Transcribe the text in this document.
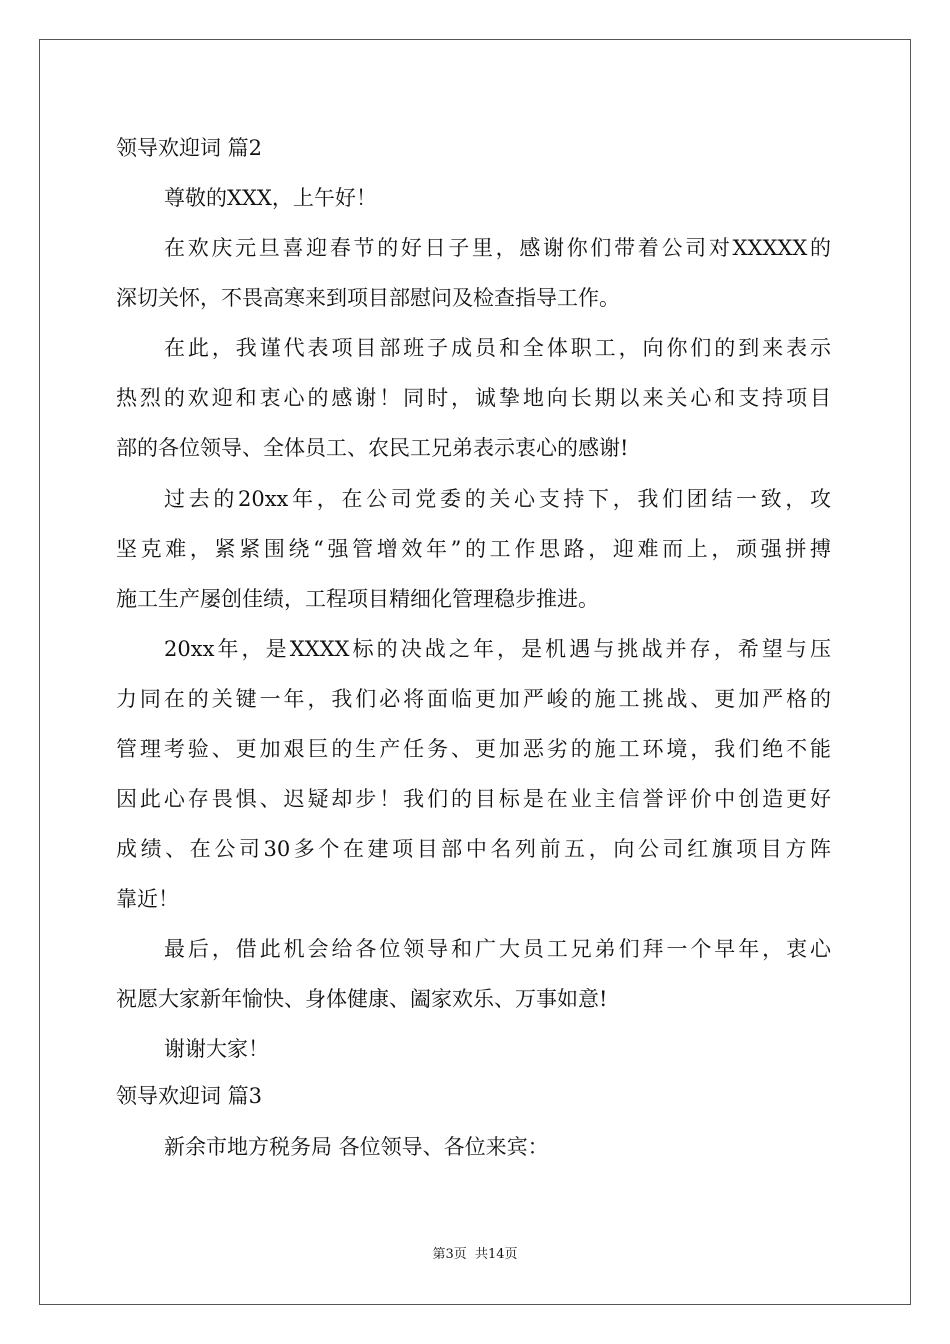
领导欢迎词 篇2
尊敬的XXX，上午好！
在欢庆元旦喜迎春节的好日子里，感谢你们带着公司对XXXXX的
深切关怀，不畏高寒来到项目部慰问及检查指导工作。
在此，我谨代表项目部班子成员和全体职工，向你们的到来表示
热烈的欢迎和衷心的感谢！同时，诚挚地向长期以来关心和支持项目
部的各位领导、全体员工、农民工兄弟表示衷心的感谢!
过去的20xx年，在公司党委的关心支持下，我们团结一致，攻
坚克难，紧紧围绕“强管增效年”的工作思路，迎难而上，顽强拼搏
施工生产屡创佳绩，工程项目精细化管理稳步推进。
20xx年，是XXXX标的决战之年，是机遇与挑战并存，希望与压
力同在的关键一年，我们必将面临更加严峻的施工挑战、更加严格的
管理考验、更加艰巨的生产任务、更加恶劣的施工环境，我们绝不能
因此心存畏惧、迟疑却步！我们的目标是在业主信誉评价中创造更好
成绩、在公司30多个在建项目部中名列前五，向公司红旗项目方阵
靠近！
最后，借此机会给各位领导和广大员工兄弟们拜一个早年，衷心
祝愿大家新年愉快、身体健康、阖家欢乐、万事如意!
谢谢大家！
领导欢迎词 篇3
新余市地方税务局 各位领导、各位来宾：
第3页  共14页
